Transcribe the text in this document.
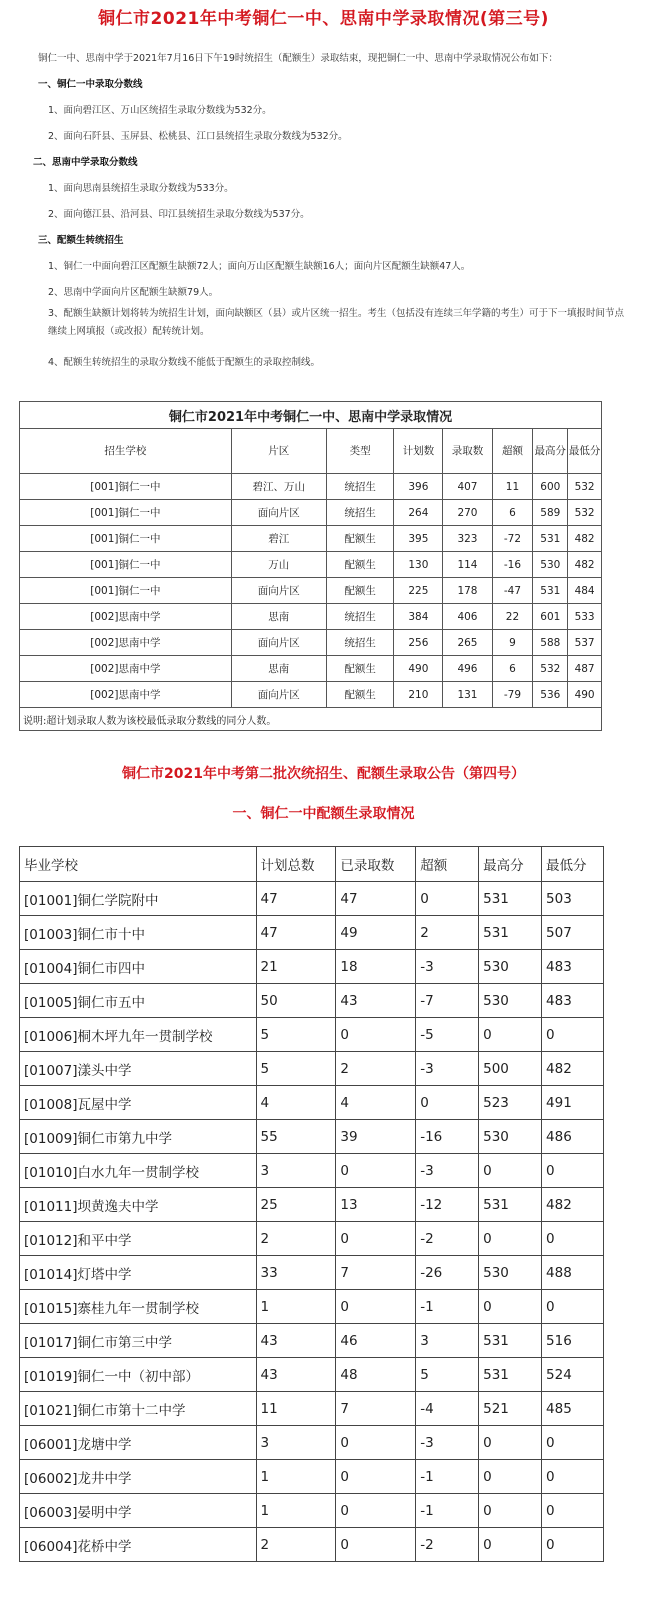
铜仁市2021年中考铜仁一中、思南中学录取情况(第三号)
铜仁一中、思南中学于2021年7月16日下午19时统招生（配额生）录取结束，现把铜仁一中、思南中学录取情况公布如下：
一、铜仁一中录取分数线
1、面向碧江区、万山区统招生录取分数线为532分。
2、面向石阡县、玉屏县、松桃县、江口县统招生录取分数线为532分。
二、思南中学录取分数线
1、面向思南县统招生录取分数线为533分。
2、面向德江县、沿河县、印江县统招生录取分数线为537分。
三、配额生转统招生
1、铜仁一中面向碧江区配额生缺额72人；面向万山区配额生缺额16人；面向片区配额生缺额47人。
2、思南中学面向片区配额生缺额79人。
3、配额生缺额计划将转为统招生计划，面向缺额区（县）或片区统一招生。考生（包括没有连续三年学籍的考生）可于下一填报时间节点继续上网填报（或改报）配转统计划。
4、配额生转统招生的录取分数线不能低于配额生的录取控制线。
铜仁市2021年中考铜仁一中、思南中学录取情况							
招生学校	片区	类型	计划数	录取数	超额	最高分	最低分
[001]铜仁一中	碧江、万山	统招生	396	407	11	600	532
[001]铜仁一中	面向片区	统招生	264	270	6	589	532
[001]铜仁一中	碧江	配额生	395	323	-72	531	482
[001]铜仁一中	万山	配额生	130	114	-16	530	482
[001]铜仁一中	面向片区	配额生	225	178	-47	531	484
[002]思南中学	思南	统招生	384	406	22	601	533
[002]思南中学	面向片区	统招生	256	265	9	588	537
[002]思南中学	思南	配额生	490	496	6	532	487
[002]思南中学	面向片区	配额生	210	131	-79	536	490
说明:超计划录取人数为该校最低录取分数线的同分人数。							
铜仁市2021年中考第二批次统招生、配额生录取公告（第四号）
一、铜仁一中配额生录取情况
毕业学校	计划总数	已录取数	超额	最高分	最低分
[01001]铜仁学院附中	47	47	0	531	503
[01003]铜仁市十中	47	49	2	531	507
[01004]铜仁市四中	21	18	-3	530	483
[01005]铜仁市五中	50	43	-7	530	483
[01006]桐木坪九年一贯制学校	5	0	-5	0	0
[01007]漾头中学	5	2	-3	500	482
[01008]瓦屋中学	4	4	0	523	491
[01009]铜仁市第九中学	55	39	-16	530	486
[01010]白水九年一贯制学校	3	0	-3	0	0
[01011]坝黄逸夫中学	25	13	-12	531	482
[01012]和平中学	2	0	-2	0	0
[01014]灯塔中学	33	7	-26	530	488
[01015]寨桂九年一贯制学校	1	0	-1	0	0
[01017]铜仁市第三中学	43	46	3	531	516
[01019]铜仁一中（初中部）	43	48	5	531	524
[01021]铜仁市第十二中学	11	7	-4	521	485
[06001]龙塘中学	3	0	-3	0	0
[06002]龙井中学	1	0	-1	0	0
[06003]晏明中学	1	0	-1	0	0
[06004]花桥中学	2	0	-2	0	0
